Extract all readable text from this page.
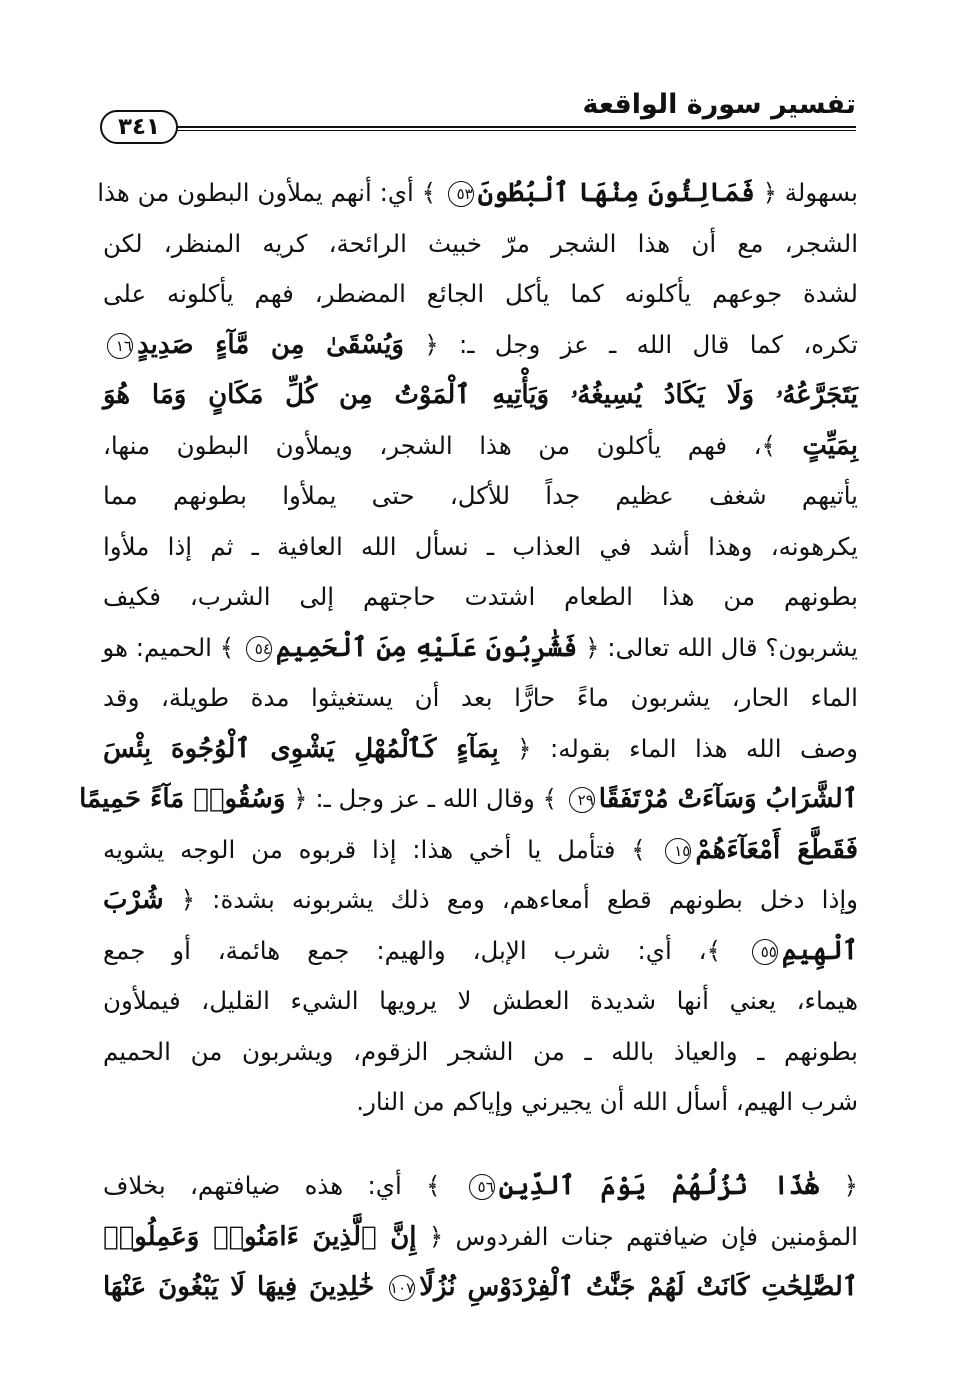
تفسير سورة الواقعة
٣٤١
بسهولة ﴿ فَمَالِئُونَ مِنْهَا ٱلْبُطُونَ٥٣ ﴾ أي: أنهم يملأون البطون من هذا
الشجر، مع أن هذا الشجر مرّ خبيث الرائحة، كريه المنظر، لكن
لشدة جوعهم يأكلونه كما يأكل الجائع المضطر، فهم يأكلونه على
تكره، كما قال الله ـ عز وجل ـ: ﴿ وَيُسْقَىٰ مِن مَّآءٍ صَدِيدٍ١٦
يَتَجَرَّعُهُۥ وَلَا يَكَادُ يُسِيغُهُۥ وَيَأْتِيهِ ٱلْمَوْتُ مِن كُلِّ مَكَانٍ وَمَا هُوَ
بِمَيِّتٍ ﴾، فهم يأكلون من هذا الشجر، ويملأون البطون منها،
يأتيهم شغف عظيم جداً للأكل، حتى يملأوا بطونهم مما
يكرهونه، وهذا أشد في العذاب ـ نسأل الله العافية ـ ثم إذا ملأوا
بطونهم من هذا الطعام اشتدت حاجتهم إلى الشرب، فكيف
يشربون؟ قال الله تعالى: ﴿ فَشَٰرِبُونَ عَلَيْهِ مِنَ ٱلْحَمِيمِ٥٤ ﴾ الحميم: هو
الماء الحار، يشربون ماءً حارًّا بعد أن يستغيثوا مدة طويلة، وقد
وصف الله هذا الماء بقوله: ﴿ بِمَآءٍ كَٱلْمُهْلِ يَشْوِى ٱلْوُجُوهَ بِئْسَ
ٱلشَّرَابُ وَسَآءَتْ مُرْتَفَقًا٢٩ ﴾ وقال الله ـ عز وجل ـ: ﴿ وَسُقُوا۟ مَآءً حَمِيمًا
فَقَطَّعَ أَمْعَآءَهُمْ١٥ ﴾ فتأمل يا أخي هذا: إذا قربوه من الوجه يشويه
وإذا دخل بطونهم قطع أمعاءهم، ومع ذلك يشربونه بشدة: ﴿ شُرْبَ
ٱلْهِيمِ٥٥ ﴾، أي: شرب الإبل، والهيم: جمع هائمة، أو جمع
هيماء، يعني أنها شديدة العطش لا يرويها الشيء القليل، فيملأون
بطونهم ـ والعياذ بالله ـ من الشجر الزقوم، ويشربون من الحميم
شرب الهيم، أسأل الله أن يجيرني وإياكم من النار.
﴿ هَٰذَا نُزُلُهُمْ يَوْمَ ٱلدِّينِ٥٦ ﴾ أي: هذه ضيافتهم، بخلاف
المؤمنين فإن ضيافتهم جنات الفردوس ﴿ إِنَّ ٱلَّذِينَ ءَامَنُوا۟ وَعَمِلُوا۟
ٱلصَّٰلِحَٰتِ كَانَتْ لَهُمْ جَنَّٰتُ ٱلْفِرْدَوْسِ نُزُلًا١٠٧ خَٰلِدِينَ فِيهَا لَا يَبْغُونَ عَنْهَا
